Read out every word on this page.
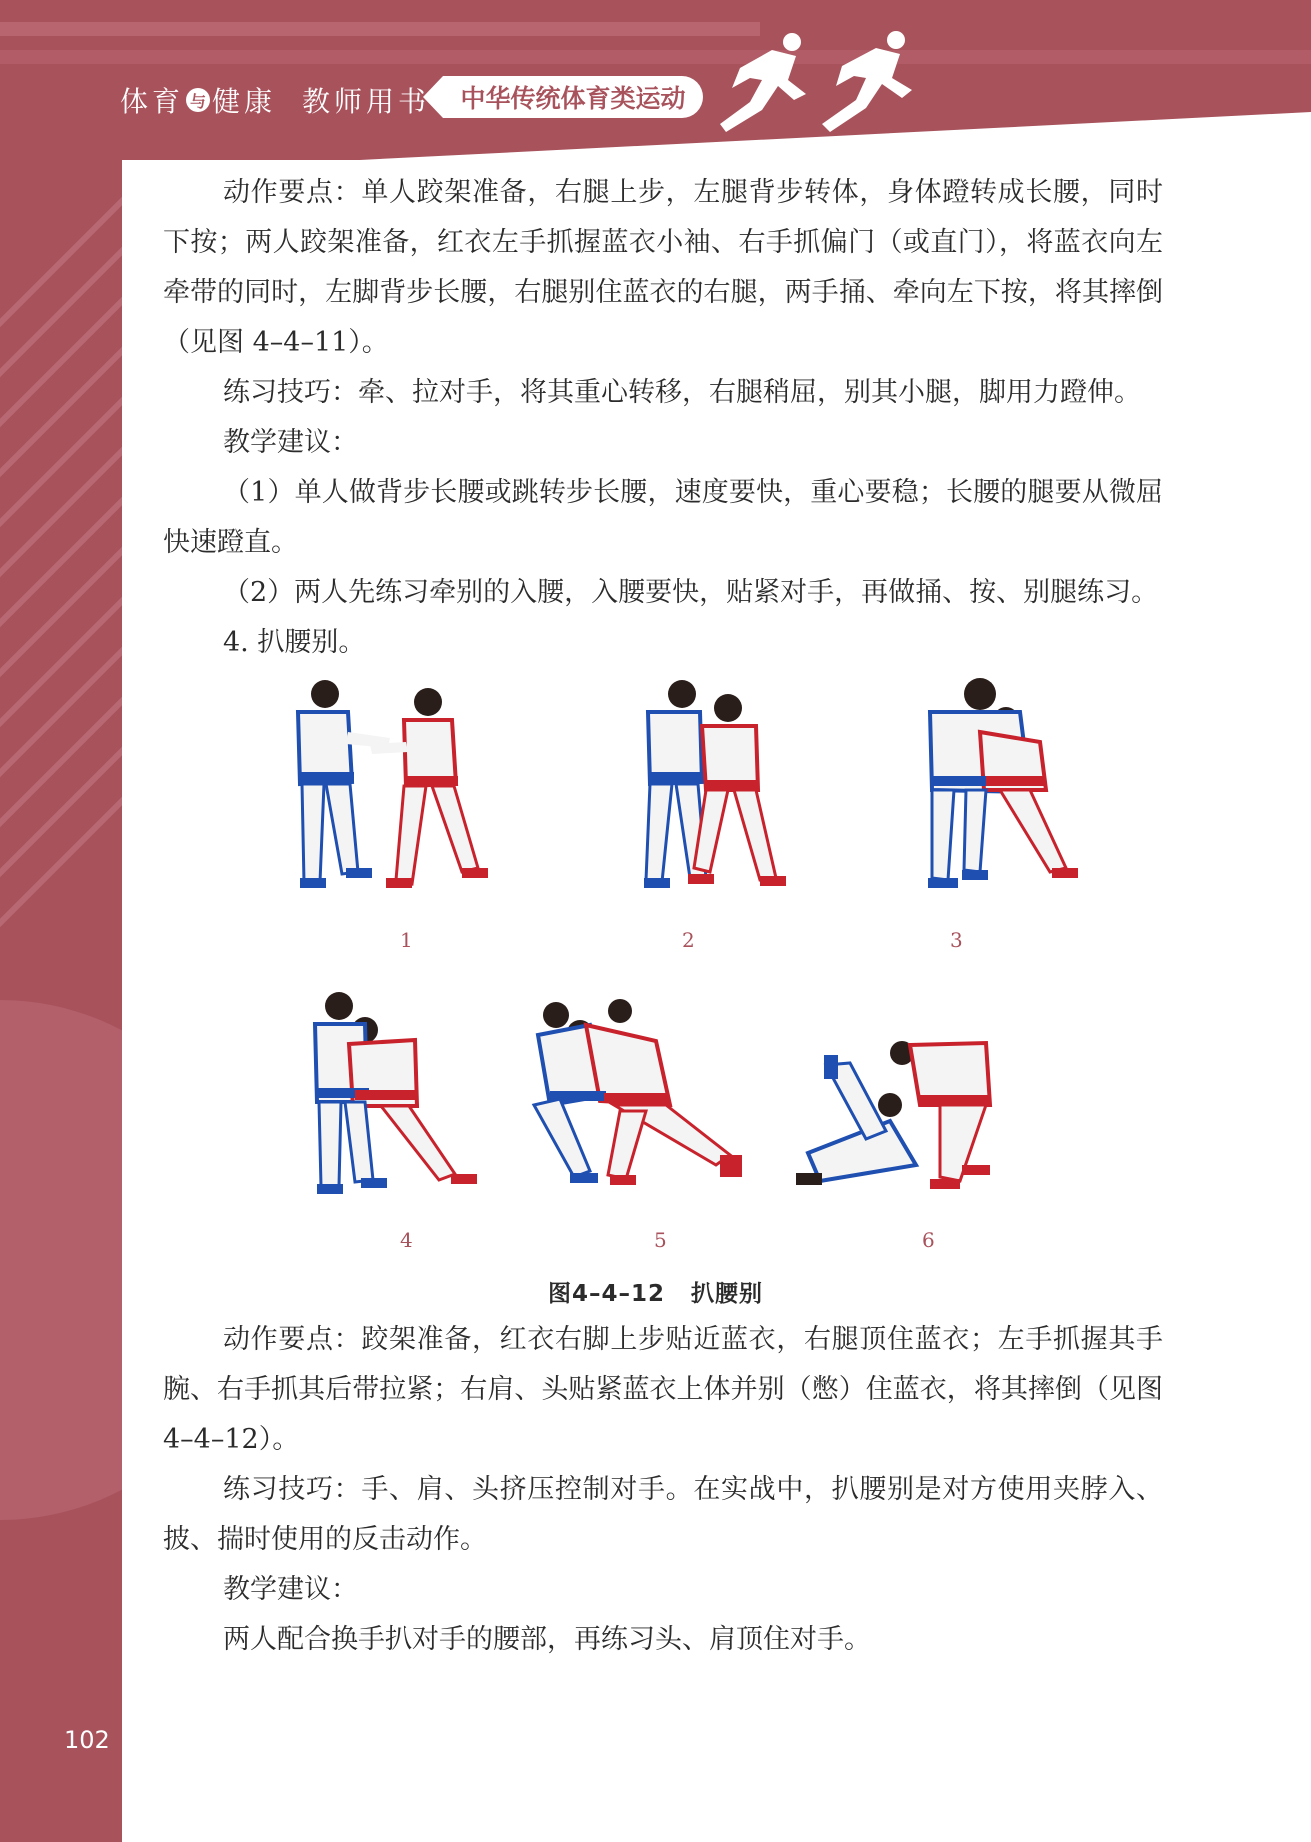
体育 与 健康 教师用书	中华传统体育类运动

动作要点：单人跤架准备，右腿上步，左腿背步转体，身体蹬转成长腰，同时下按；两人跤架准备，红衣左手抓握蓝衣小袖、右手抓偏门（或直门），将蓝衣向左牵带的同时，左脚背步长腰，右腿别住蓝衣的右腿，两手捅、牵向左下按，将其摔倒（见图 4–4–11）。

练习技巧：牵、拉对手，将其重心转移，右腿稍屈，别其小腿，脚用力蹬伸。

教学建议：

（1）单人做背步长腰或跳转步长腰，速度要快，重心要稳；长腰的腿要从微屈快速蹬直。

（2）两人先练习牵别的入腰，入腰要快，贴紧对手，再做捅、按、别腿练习。

4. 扒腰别。

1	2	3
4	5	6
图4–4–12 扒腰别

动作要点：跤架准备，红衣右脚上步贴近蓝衣，右腿顶住蓝衣；左手抓握其手腕、右手抓其后带拉紧；右肩、头贴紧蓝衣上体并别（憋）住蓝衣，将其摔倒（见图 4–4–12）。

练习技巧：手、肩、头挤压控制对手。在实战中，扒腰别是对方使用夹脖入、披、揣时使用的反击动作。

教学建议：

两人配合换手扒对手的腰部，再练习头、肩顶住对手。

102
